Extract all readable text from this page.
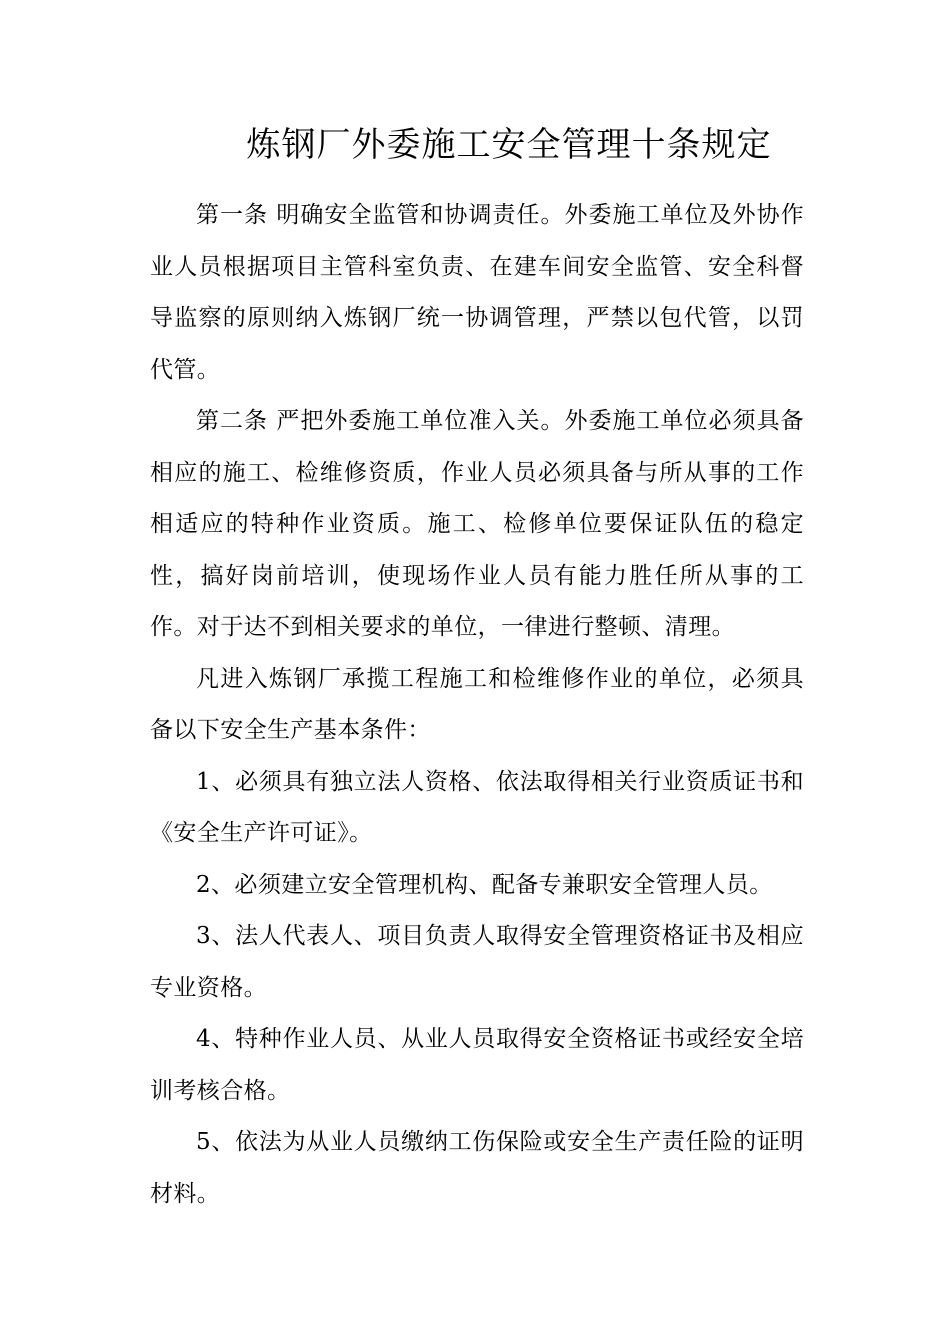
炼钢厂外委施工安全管理十条规定

第一条 明确安全监管和协调责任。外委施工单位及外协作业人员根据项目主管科室负责、在建车间安全监管、安全科督导监察的原则纳入炼钢厂统一协调管理，严禁以包代管，以罚代管。

第二条 严把外委施工单位准入关。外委施工单位必须具备相应的施工、检维修资质，作业人员必须具备与所从事的工作相适应的特种作业资质。施工、检修单位要保证队伍的稳定性，搞好岗前培训，使现场作业人员有能力胜任所从事的工作。对于达不到相关要求的单位，一律进行整顿、清理。

凡进入炼钢厂承揽工程施工和检维修作业的单位，必须具备以下安全生产基本条件：

1、必须具有独立法人资格、依法取得相关行业资质证书和《安全生产许可证》。

2、必须建立安全管理机构、配备专兼职安全管理人员。

3、法人代表人、项目负责人取得安全管理资格证书及相应专业资格。

4、特种作业人员、从业人员取得安全资格证书或经安全培训考核合格。

5、依法为从业人员缴纳工伤保险或安全生产责任险的证明材料。
